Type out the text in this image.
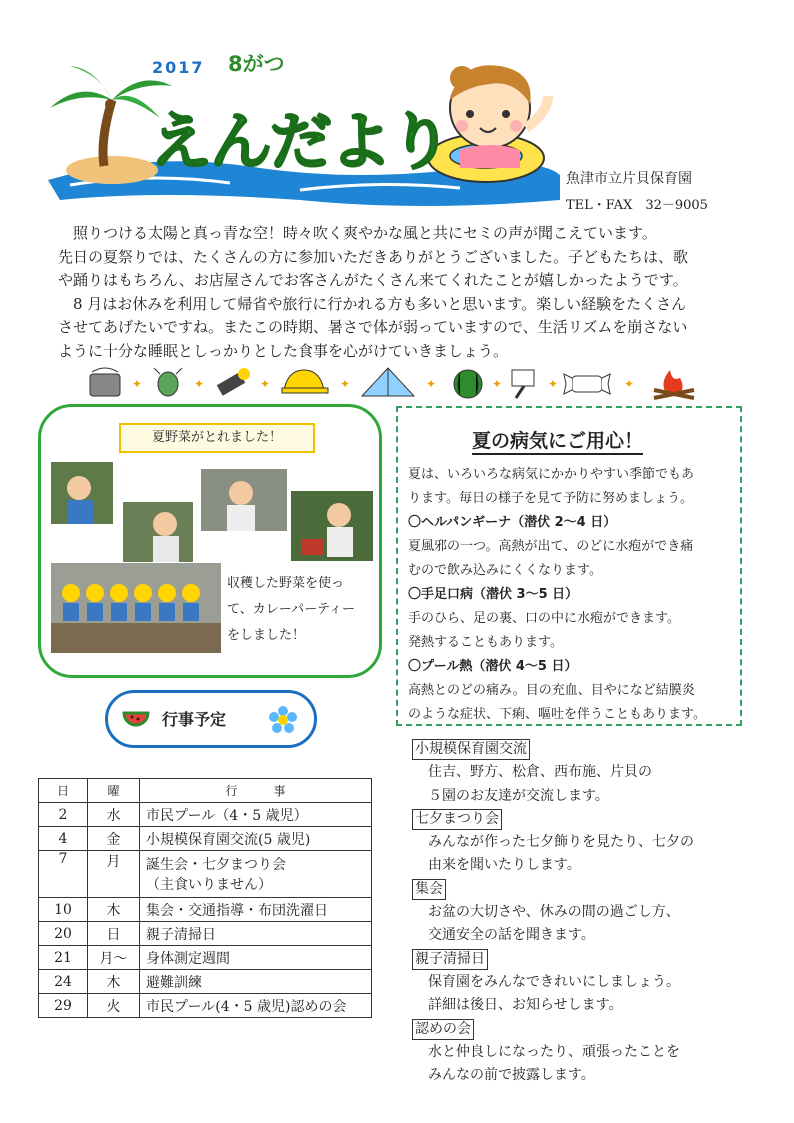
2017 8がつ
えんだより
魚津市立片貝保育園
TEL・FAX　32－9005

　照りつける太陽と真っ青な空！時々吹く爽やかな風と共にセミの声が聞こえています。

先日の夏祭りでは、たくさんの方に参加いただきありがとうございました。子どもたちは、歌

や踊りはもちろん、お店屋さんでお客さんがたくさん来てくれたことが嬉しかったようです。

　8 月はお休みを利用して帰省や旅行に行かれる方も多いと思います。楽しい経験をたくさん

させてあげたいですね。またこの時期、暑さで体が弱っていますので、生活リズムを崩さない

ように十分な睡眠としっかりとした食事を心がけていきましょう。

✦	✦	✦	✦	✦	✦	✦	✦
夏野菜がとれました！
収穫した野菜を使っ
て、カレーパーティー
をしました！
行事予定
日	曜	行　　　事
2	水	市民プール（4・5 歳児）
4	金	小規模保育園交流(5 歳児)
7	月	誕生会・七夕まつり会
（主食いりません）

10	木	集会・交通指導・布団洗濯日
20	日	親子清掃日
21	月～	身体測定週間
24	木	避難訓練
29	火	市民プール(4・5 歳児)認めの会
夏の病気にご用心！
夏は、いろいろな病気にかかりやすい季節でもあ
ります。毎日の様子を見て予防に努めましょう。
〇ヘルパンギーナ（潜伏 2～4 日）
夏風邪の一つ。高熱が出て、のどに水疱ができ痛
むので飲み込みにくくなります。
〇手足口病（潜伏 3～5 日）
手のひら、足の裏、口の中に水疱ができます。
発熱することもあります。
〇プール熱（潜伏 4～5 日）
高熱とのどの痛み。目の充血、目やになど結膜炎
のような症状、下痢、嘔吐を伴うこともあります。
小規模保育園交流
住吉、野方、松倉、西布施、片貝の
５園のお友達が交流します。
七夕まつり会
みんなが作った七夕飾りを見たり、七夕の
由来を聞いたりします。
集会
お盆の大切さや、休みの間の過ごし方、
交通安全の話を聞きます。
親子清掃日
保育園をみんなできれいにしましょう。
詳細は後日、お知らせします。
認めの会
水と仲良しになったり、頑張ったことを
みんなの前で披露します。
